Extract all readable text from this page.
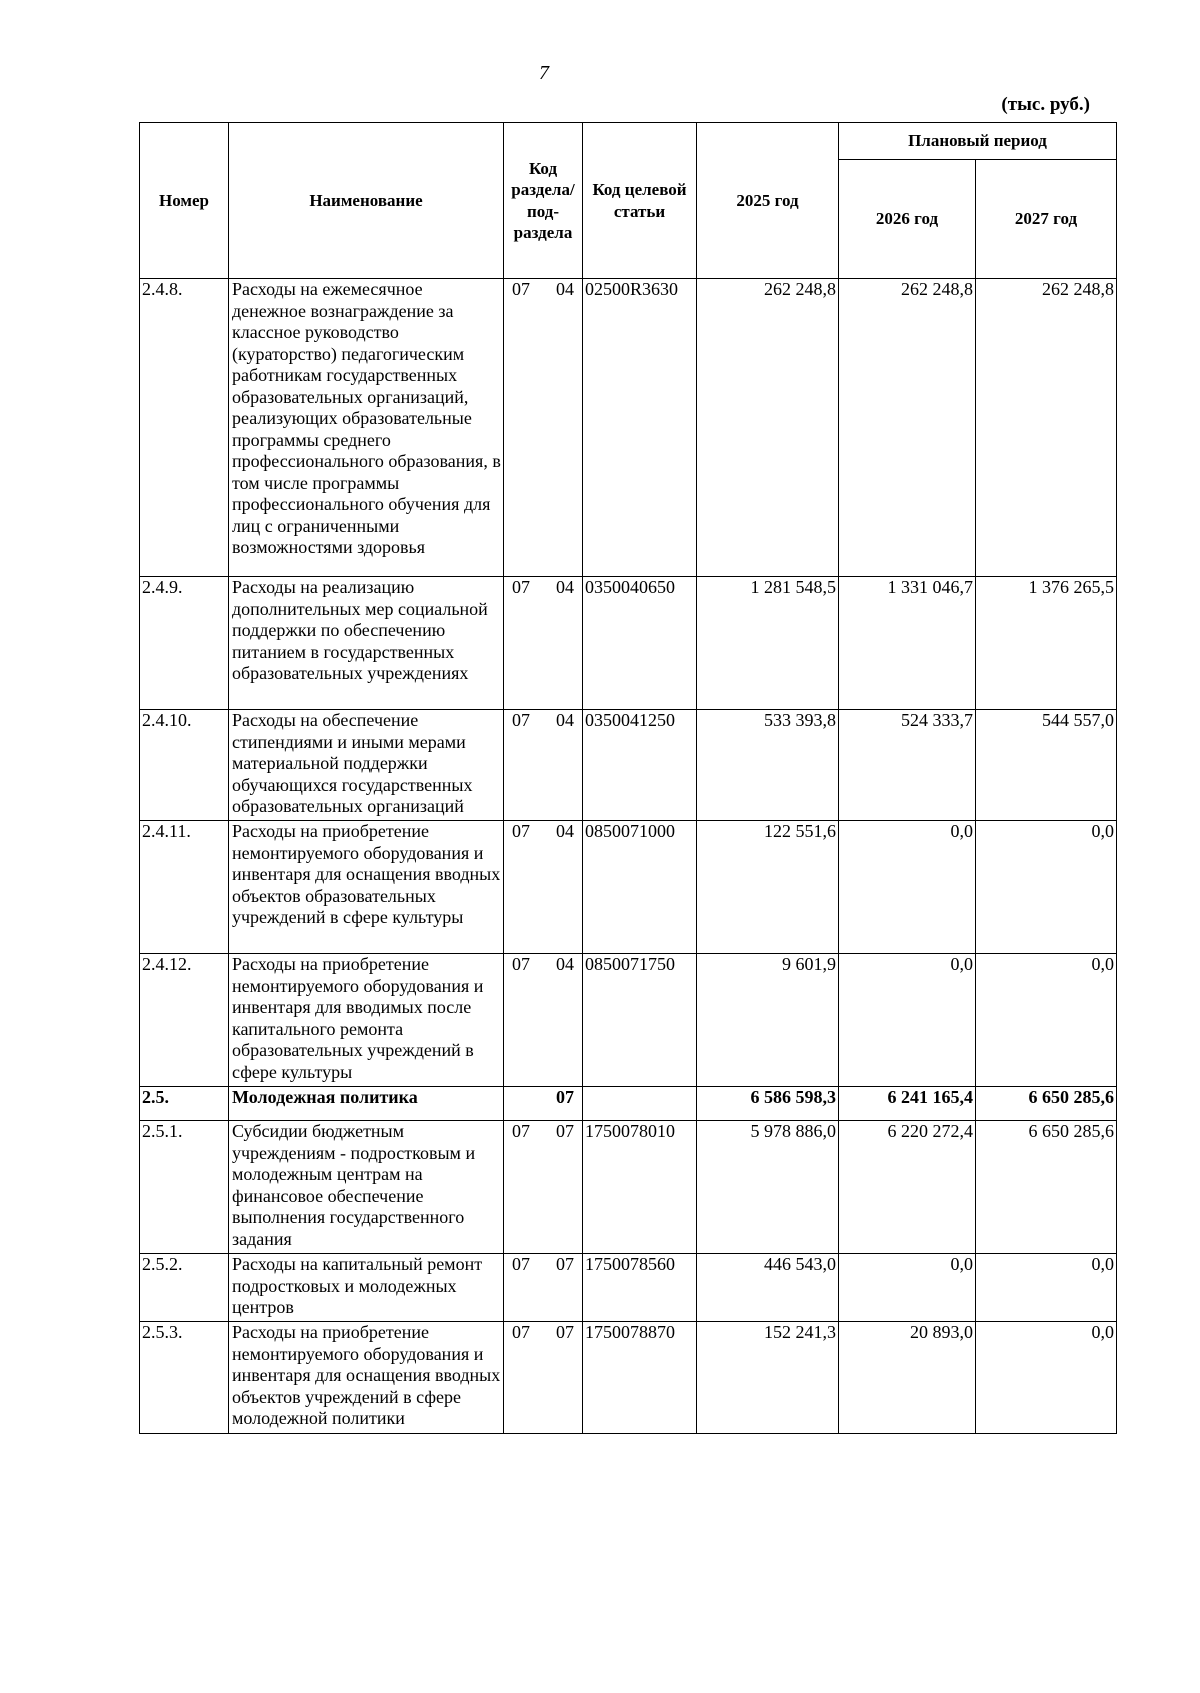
7
(тыс. руб.)
Номер	Наименование	Код раздела/ под- раздела	Код целевой статьи	2025 год	Плановый период	
					2026 год	2027 год
2.4.8.	Расходы на ежемесячное денежное вознаграждение за классное руководство (кураторство) педагогическим работникам государственных образовательных организаций, реализующих образовательные программы среднего профессионального образования, в том числе программы профессионального обучения для лиц с ограниченными возможностями здоровья	07 04	02500R3630	262 248,8	262 248,8	262 248,8
2.4.9.	Расходы на реализацию дополнительных мер социальной поддержки по обеспечению питанием в государственных образовательных учреждениях	07 04	0350040650	1 281 548,5	1 331 046,7	1 376 265,5
2.4.10.	Расходы на обеспечение стипендиями и иными мерами материальной поддержки обучающихся государственных образовательных организаций	07 04	0350041250	533 393,8	524 333,7	544 557,0
2.4.11.	Расходы на приобретение немонтируемого оборудования и инвентаря для оснащения вводных объектов образовательных учреждений в сфере культуры	07 04	0850071000	122 551,6	0,0	0,0
2.4.12.	Расходы на приобретение немонтируемого оборудования и инвентаря для вводимых после капитального ремонта образовательных учреждений в сфере культуры	07 04	0850071750	9 601,9	0,0	0,0
2.5.	Молодежная политика	07		6 586 598,3	6 241 165,4	6 650 285,6
2.5.1.	Субсидии бюджетным учреждениям - подростковым и молодежным центрам на финансовое обеспечение выполнения государственного задания	07 07	1750078010	5 978 886,0	6 220 272,4	6 650 285,6
2.5.2.	Расходы на капитальный ремонт подростковых и молодежных центров	07 07	1750078560	446 543,0	0,0	0,0
2.5.3.	Расходы на приобретение немонтируемого оборудования и инвентаря для оснащения вводных объектов учреждений в сфере молодежной политики	07 07	1750078870	152 241,3	20 893,0	0,0
